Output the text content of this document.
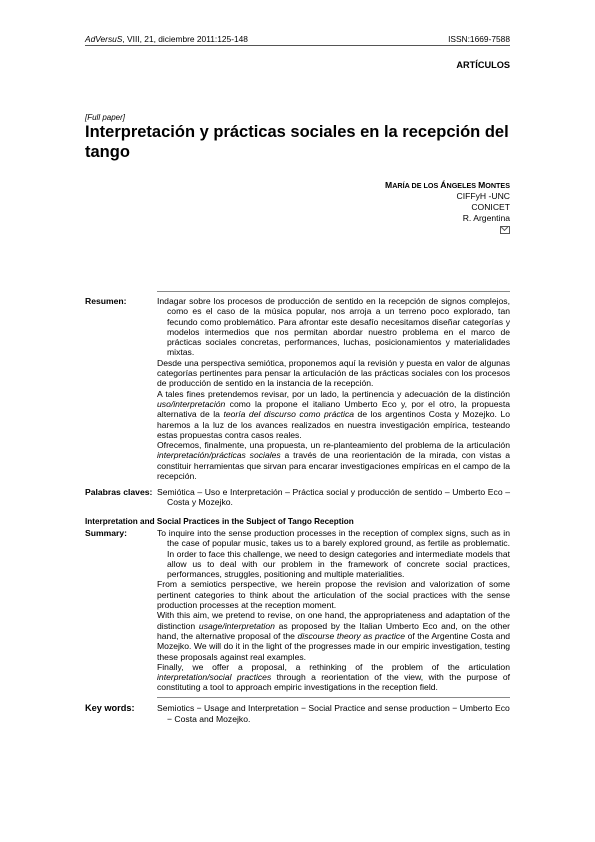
AdVersuS, VIII, 21, diciembre 2011:125-148	ISSN:1669-7588
ARTÍCULOS
[Full paper]
Interpretación y prácticas sociales en la recepción del tango
MARÍA DE LOS ÁNGELES MONTES
CIFFyH -UNC
CONICET
R. Argentina
Resumen:	Indagar sobre los procesos de producción de sentido en la recepción de signos complejos, como es el caso de la música popular, nos arroja a un terreno poco explorado, tan fecundo como problemático. Para afrontar este desafío necesitamos diseñar categorías y modelos intermedios que nos permitan abordar nuestro problema en el marco de prácticas sociales concretas, performances, luchas, posicionamientos y materialidades mixtas.

Desde una perspectiva semiótica, proponemos aquí la revisión y puesta en valor de algunas categorías pertinentes para pensar la articulación de las prácticas sociales con los procesos de producción de sentido en la instancia de la recepción.

A tales fines pretendemos revisar, por un lado, la pertinencia y adecuación de la distinción uso/interpretación como la propone el italiano Umberto Eco y, por el otro, la propuesta alternativa de la teoría del discurso como práctica de los argentinos Costa y Mozejko. Lo haremos a la luz de los avances realizados en nuestra investigación empírica, testeando estas propuestas contra casos reales.

Ofrecemos, finalmente, una propuesta, un re-planteamiento del problema de la articulación interpretación/prácticas sociales a través de una reorientación de la mirada, con vistas a constituir herramientas que sirvan para encarar investigaciones empíricas en el campo de la recepción.

Palabras claves: Semiótica – Uso e Interpretación – Práctica social y producción de sentido – Umberto Eco – Costa y Mozejko.

Interpretation and Social Practices in the Subject of Tango Reception
Summary:	To inquire into the sense production processes in the reception of complex signs, such as in the case of popular music, takes us to a barely explored ground, as fertile as problematic. In order to face this challenge, we need to design categories and intermediate models that allow us to deal with our problem in the framework of concrete social practices, performances, struggles, positioning and multiple materialities.

From a semiotics perspective, we herein propose the revision and valorization of some pertinent categories to think about the articulation of the social practices with the sense production processes at the reception moment.

With this aim, we pretend to revise, on one hand, the appropriateness and adaptation of the distinction usage/interpretation as proposed by the Italian Umberto Eco and, on the other hand, the alternative proposal of the discourse theory as practice of the Argentine Costa and Mozejko. We will do it in the light of the progresses made in our empiric investigation, testing these proposals against real examples.

Finally, we offer a proposal, a rethinking of the problem of the articulation interpretation/social practices through a reorientation of the view, with the purpose of constituting a tool to approach empiric investigations in the reception field.

Key words:	Semiotics − Usage and Interpretation − Social Practice and sense production − Umberto Eco − Costa and Mozejko.
